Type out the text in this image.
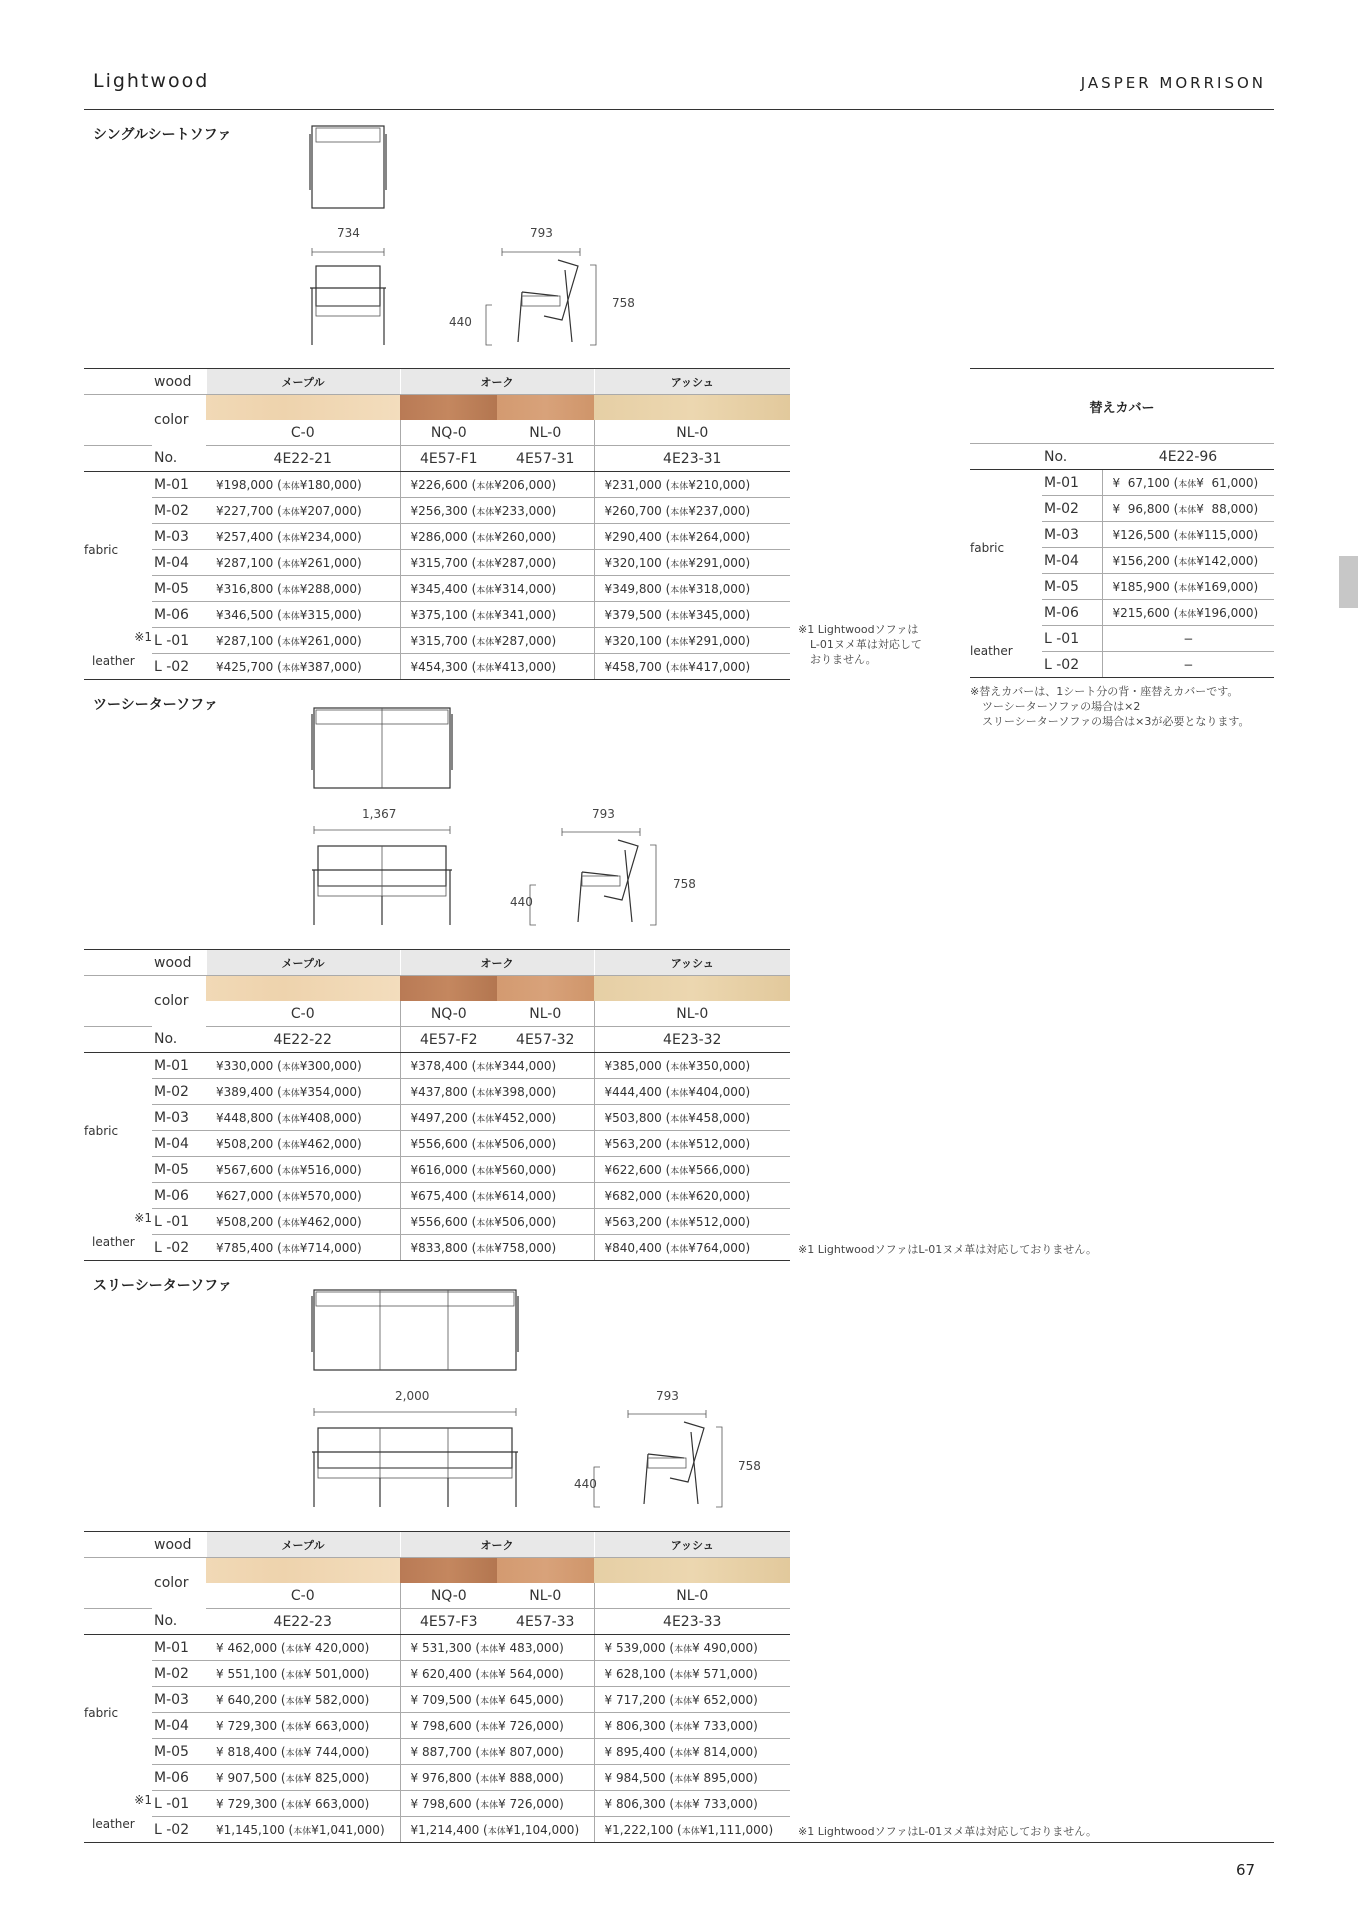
Lightwood	JASPER MORRISON
シングルシートソファ
734	793
758
440
	wood	メープル	オーク		アッシュ
	color				
		C-0	NQ-0	NL-0	NL-0
	No.	4E22-21	4E57-F1	4E57-31	4E23-31
fabric	M-01	¥198,000 (本体¥180,000)	¥226,600 (本体¥206,000)		¥231,000 (本体¥210,000)
	M-02	¥227,700 (本体¥207,000)	¥256,300 (本体¥233,000)		¥260,700 (本体¥237,000)
	M-03	¥257,400 (本体¥234,000)	¥286,000 (本体¥260,000)		¥290,400 (本体¥264,000)
	M-04	¥287,100 (本体¥261,000)	¥315,700 (本体¥287,000)		¥320,100 (本体¥291,000)
	M-05	¥316,800 (本体¥288,000)	¥345,400 (本体¥314,000)		¥349,800 (本体¥318,000)
	M-06	¥346,500 (本体¥315,000)	¥375,100 (本体¥341,000)		¥379,500 (本体¥345,000)

※1
leather	L -01	¥287,100 (本体¥261,000)	¥315,700 (本体¥287,000)		¥320,100 (本体¥291,000)
	L -02	¥425,700 (本体¥387,000)	¥454,300 (本体¥413,000)		¥458,700 (本体¥417,000)
※1 Lightwoodソファは
L-01ヌメ革は対応して
おりません。
替えカバー		
	No.	4E22-96
fabric	M-01	¥  67,100 (本体¥  61,000)
	M-02	¥  96,800 (本体¥  88,000)
	M-03	¥126,500 (本体¥115,000)
	M-04	¥156,200 (本体¥142,000)
	M-05	¥185,900 (本体¥169,000)
	M-06	¥215,600 (本体¥196,000)
leather	L -01	−
	L -02	−
※替えカバーは、1シート分の背・座替えカバーです。
ツーシーターソファの場合は×2
スリーシーターソファの場合は×3が必要となります。
ツーシーターソファ
1,367	793
758
440
	wood	メープル	オーク		アッシュ
	color				
		C-0	NQ-0	NL-0	NL-0
	No.	4E22-22	4E57-F2	4E57-32	4E23-32
fabric	M-01	¥330,000 (本体¥300,000)	¥378,400 (本体¥344,000)		¥385,000 (本体¥350,000)
	M-02	¥389,400 (本体¥354,000)	¥437,800 (本体¥398,000)		¥444,400 (本体¥404,000)
	M-03	¥448,800 (本体¥408,000)	¥497,200 (本体¥452,000)		¥503,800 (本体¥458,000)
	M-04	¥508,200 (本体¥462,000)	¥556,600 (本体¥506,000)		¥563,200 (本体¥512,000)
	M-05	¥567,600 (本体¥516,000)	¥616,000 (本体¥560,000)		¥622,600 (本体¥566,000)
	M-06	¥627,000 (本体¥570,000)	¥675,400 (本体¥614,000)		¥682,000 (本体¥620,000)

※1
leather	L -01	¥508,200 (本体¥462,000)	¥556,600 (本体¥506,000)		¥563,200 (本体¥512,000)
	L -02	¥785,400 (本体¥714,000)	¥833,800 (本体¥758,000)		¥840,400 (本体¥764,000)	※1 LightwoodソファはL-01ヌメ革は対応しておりません。
スリーシーターソファ
2,000	793
758
440
	wood	メープル	オーク		アッシュ
	color				
		C-0	NQ-0	NL-0	NL-0
	No.	4E22-23	4E57-F3	4E57-33	4E23-33
fabric	M-01	¥ 462,000 (本体¥ 420,000)	¥ 531,300 (本体¥ 483,000)		¥ 539,000 (本体¥ 490,000)
	M-02	¥ 551,100 (本体¥ 501,000)	¥ 620,400 (本体¥ 564,000)		¥ 628,100 (本体¥ 571,000)
	M-03	¥ 640,200 (本体¥ 582,000)	¥ 709,500 (本体¥ 645,000)		¥ 717,200 (本体¥ 652,000)
	M-04	¥ 729,300 (本体¥ 663,000)	¥ 798,600 (本体¥ 726,000)		¥ 806,300 (本体¥ 733,000)
	M-05	¥ 818,400 (本体¥ 744,000)	¥ 887,700 (本体¥ 807,000)		¥ 895,400 (本体¥ 814,000)
	M-06	¥ 907,500 (本体¥ 825,000)	¥ 976,800 (本体¥ 888,000)		¥ 984,500 (本体¥ 895,000)

※1
leather	L -01	¥ 729,300 (本体¥ 663,000)	¥ 798,600 (本体¥ 726,000)		¥ 806,300 (本体¥ 733,000)
	L -02	¥1,145,100 (本体¥1,041,000)	¥1,214,400 (本体¥1,104,000)		¥1,222,100 (本体¥1,111,000) ※1 LightwoodソファはL-01ヌメ革は対応しておりません。
67
